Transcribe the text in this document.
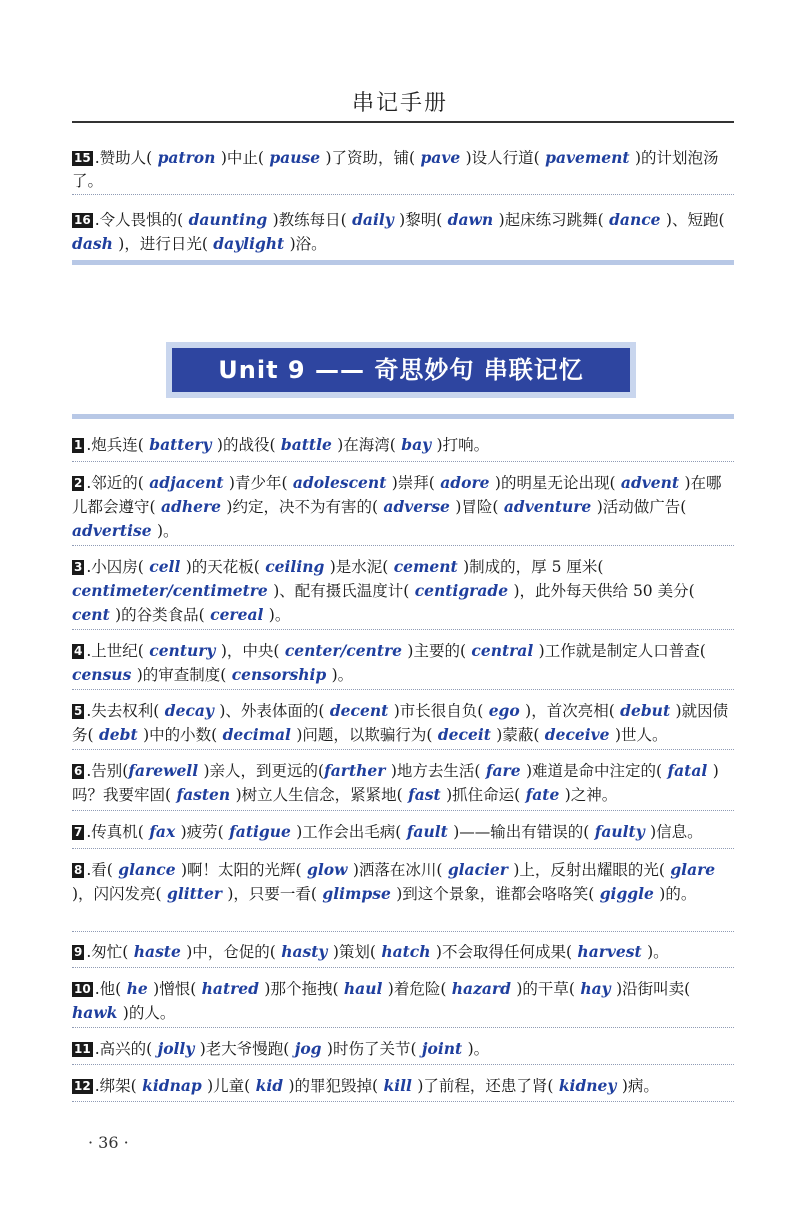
串记手册
15 .赞助人( patron )中止( pause )了资助，铺( pave )设人行道( pavement )的计划泡汤了。
16 .令人畏惧的( daunting )教练每日( daily )黎明( dawn )起床练习跳舞( dance )、短跑( dash )，进行日光( daylight )浴。
Unit 9 —— 奇思妙句 串联记忆
1 .炮兵连( battery )的战役( battle )在海湾( bay )打响。
2 .邻近的( adjacent )青少年( adolescent )崇拜( adore )的明星无论出现( advent )在哪儿都会遵守( adhere )约定，决不为有害的( adverse )冒险( adventure )活动做广告( advertise )。
3 .小囚房( cell )的天花板( ceiling )是水泥( cement )制成的，厚 5 厘米( centimeter/centimetre )、配有摄氏温度计( centigrade )，此外每天供给 50 美分( cent )的谷类食品( cereal )。
4 .上世纪( century )，中央( center/centre )主要的( central )工作就是制定人口普查( census )的审查制度( censorship )。
5 .失去权利( decay )、外表体面的( decent )市长很自负( ego )，首次亮相( debut )就因债务( debt )中的小数( decimal )问题，以欺骗行为( deceit )蒙蔽( deceive )世人。
6 .告别(farewell )亲人，到更远的(farther )地方去生活( fare )难道是命中注定的( fatal )吗？我要牢固( fasten )树立人生信念，紧紧地( fast )抓住命运( fate )之神。
7 .传真机( fax )疲劳( fatigue )工作会出毛病( fault )——输出有错误的( faulty )信息。
8 .看( glance )啊！太阳的光辉( glow )洒落在冰川( glacier )上，反射出耀眼的光( glare )，闪闪发亮( glitter )，只要一看( glimpse )到这个景象，谁都会咯咯笑( giggle )的。
9 .匆忙( haste )中，仓促的( hasty )策划( hatch )不会取得任何成果( harvest )。
10 .他( he )憎恨( hatred )那个拖拽( haul )着危险( hazard )的干草( hay )沿街叫卖( hawk )的人。
11 .高兴的( jolly )老大爷慢跑( jog )时伤了关节( joint )。
12 .绑架( kidnap )儿童( kid )的罪犯毁掉( kill )了前程，还患了肾( kidney )病。
· 36 ·
